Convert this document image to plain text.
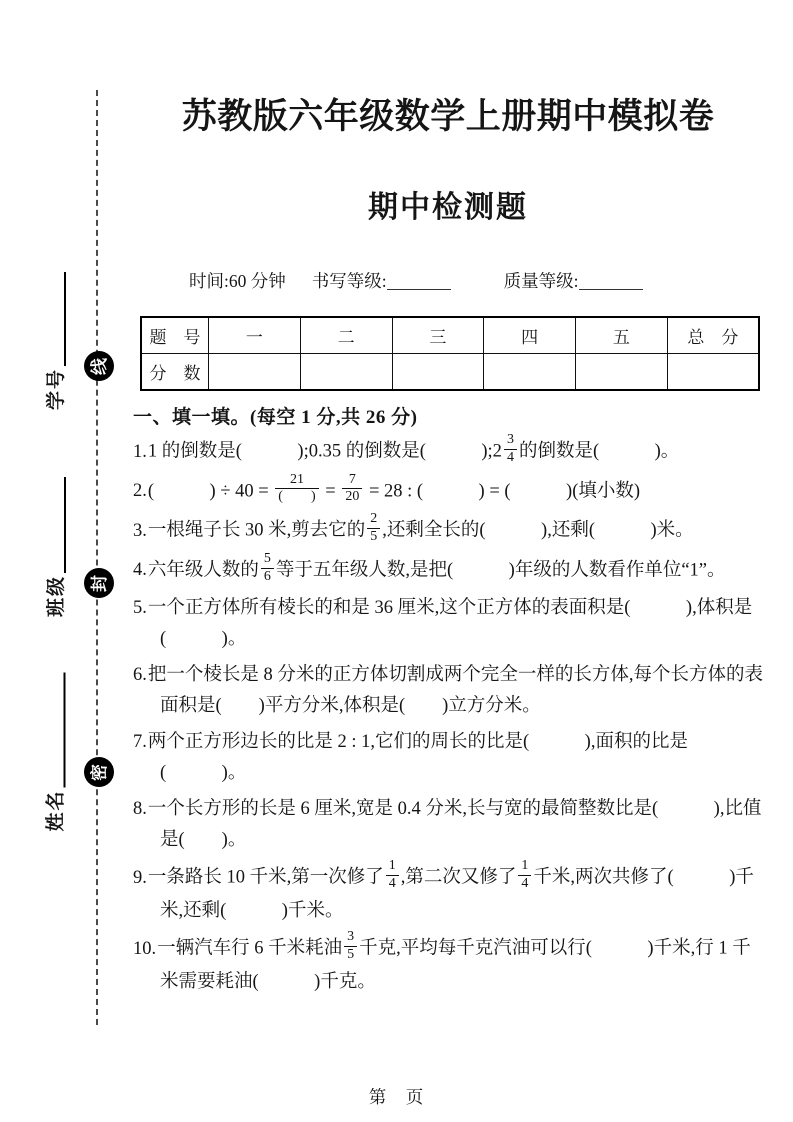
线
封
密
学号
班级
姓名
苏教版六年级数学上册期中模拟卷
期中检测题
时间:60 分钟 书写等级:	质量等级:
题　号	一	二	三	四	五	总　分
分　数						
一、填一填。(每空 1 分,共 26 分)
1.1 的倒数是(　　　);0.35 的倒数是(　　　);2 $\frac{3}{4}$ 的倒数是(　　　)。
2.(　　　) ÷ $40 = \frac{21}{( )} = \frac{7}{20} = 28$ : (　　　) = (　　　)(填小数)
3.一根绳子长 30 米,剪去它的 $\frac{2}{5}$ ,还剩全长的(　　　),还剩(　　　)米。
4.六年级人数的 $\frac{5}{6}$ 等于五年级人数,是把(　　　)年级的人数看作单位“1”。
5.一个正方体所有棱长的和是 36 厘米,这个正方体的表面积是(　　　),体积是(　　　)。
6.把一个棱长是 8 分米的正方体切割成两个完全一样的长方体,每个长方体的表面积是(　　)平方分米,体积是(　　)立方分米。
7.两个正方形边长的比是 2 : 1,它们的周长的比是(　　　),面积的比是(　　　)。
8.一个长方形的长是 6 厘米,宽是 0.4 分米,长与宽的最简整数比是(　　　),比值是(　　)。
9.一条路长 10 千米,第一次修了 $\frac{1}{4}$ ,第二次又修了 $\frac{1}{4}$ 千米,两次共修了(　　　)千米,还剩(　　　)千米。
10.一辆汽车行 6 千米耗油 $\frac{3}{5}$ 千克,平均每千克汽油可以行(　　　)千米,行 1 千米需要耗油(　　　)千克。
第　页
